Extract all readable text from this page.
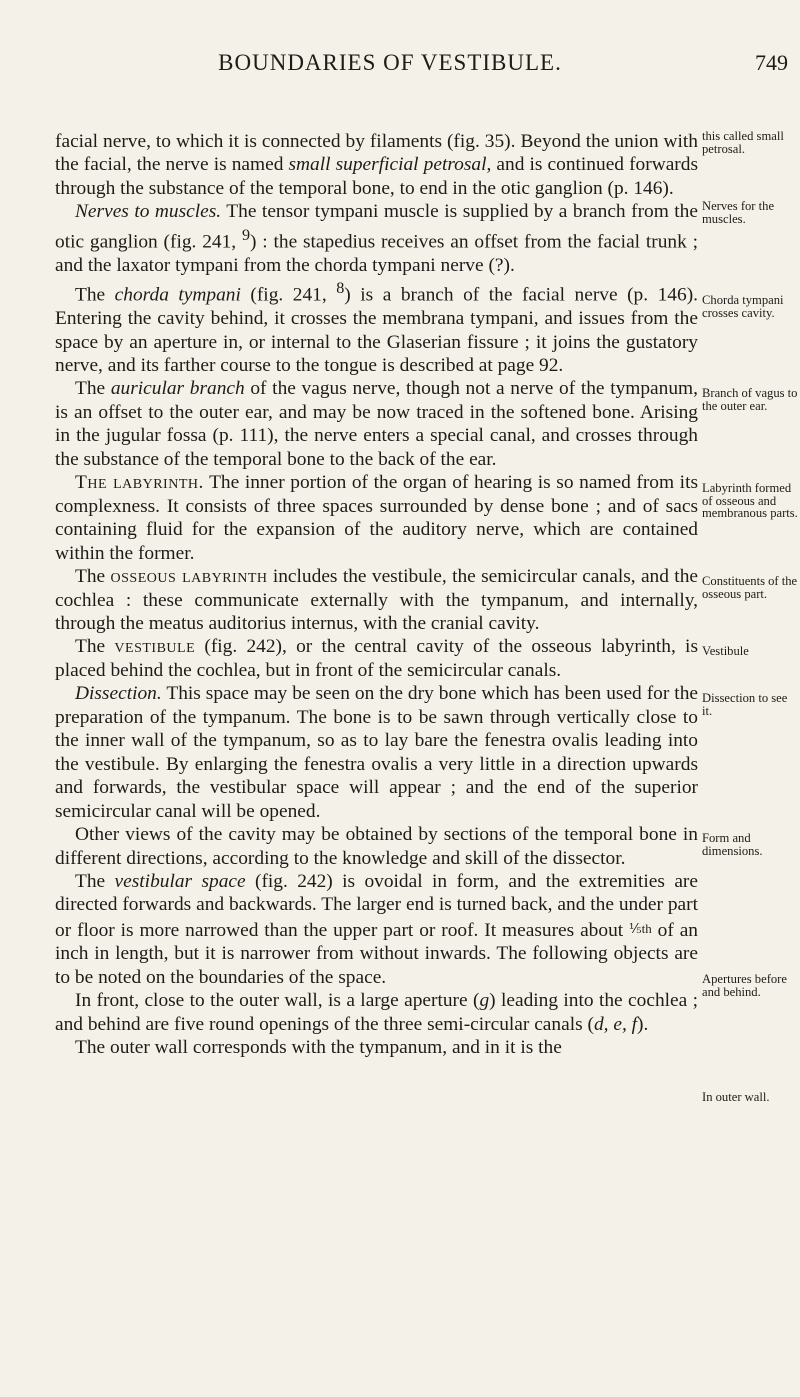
BOUNDARIES OF VESTIBULE.	749

facial nerve, to which it is connected by filaments (fig. 35). Beyond the union with the facial, the nerve is named small superficial petrosal, and is continued forwards through the substance of the temporal bone, to end in the otic ganglion (p. 146).

Nerves to muscles. The tensor tympani muscle is supplied by a branch from the otic ganglion (fig. 241, $^9$) : the stapedius receives an offset from the facial trunk ; and the laxator tympani from the chorda tympani nerve (?).

The chorda tympani (fig. 241, $^8$) is a branch of the facial nerve (p. 146). Entering the cavity behind, it crosses the membrana tympani, and issues from the space by an aperture in, or internal to the Glaserian fissure ; it joins the gustatory nerve, and its farther course to the tongue is described at page 92.

The auricular branch of the vagus nerve, though not a nerve of the tympanum, is an offset to the outer ear, and may be now traced in the softened bone. Arising in the jugular fossa (p. 111), the nerve enters a special canal, and crosses through the substance of the temporal bone to the back of the ear.

The labyrinth. The inner portion of the organ of hearing is so named from its complexness. It consists of three spaces surrounded by dense bone ; and of sacs containing fluid for the expansion of the auditory nerve, which are contained within the former.

The osseous labyrinth includes the vestibule, the semicircular canals, and the cochlea : these communicate externally with the tympanum, and internally, through the meatus auditorius internus, with the cranial cavity.

The vestibule (fig. 242), or the central cavity of the osseous labyrinth, is placed behind the cochlea, but in front of the semicircular canals.

Dissection. This space may be seen on the dry bone which has been used for the preparation of the tympanum. The bone is to be sawn through vertically close to the inner wall of the tympanum, so as to lay bare the fenestra ovalis leading into the vestibule. By enlarging the fenestra ovalis a very little in a direction upwards and forwards, the vestibular space will appear ; and the end of the superior semicircular canal will be opened.

Other views of the cavity may be obtained by sections of the temporal bone in different directions, according to the knowledge and skill of the dissector.

The vestibular space (fig. 242) is ovoidal in form, and the extremities are directed forwards and backwards. The larger end is turned back, and the under part or floor is more narrowed than the upper part or roof. It measures about ⅕th of an inch in length, but it is narrower from without inwards. The following objects are to be noted on the boundaries of the space.

In front, close to the outer wall, is a large aperture (g) leading into the cochlea ; and behind are five round openings of the three semi-circular canals (d, e, f).

The outer wall corresponds with the tympanum, and in it is the

this called small petrosal.
Nerves for the muscles.
Chorda tympani crosses cavity.
Branch of vagus to the outer ear.
Labyrinth formed of osseous and membranous parts.
Constituents of the osseous part.
Vestibule
Dissection to see it.
Form and dimensions.
Apertures before and behind.
In outer wall.
